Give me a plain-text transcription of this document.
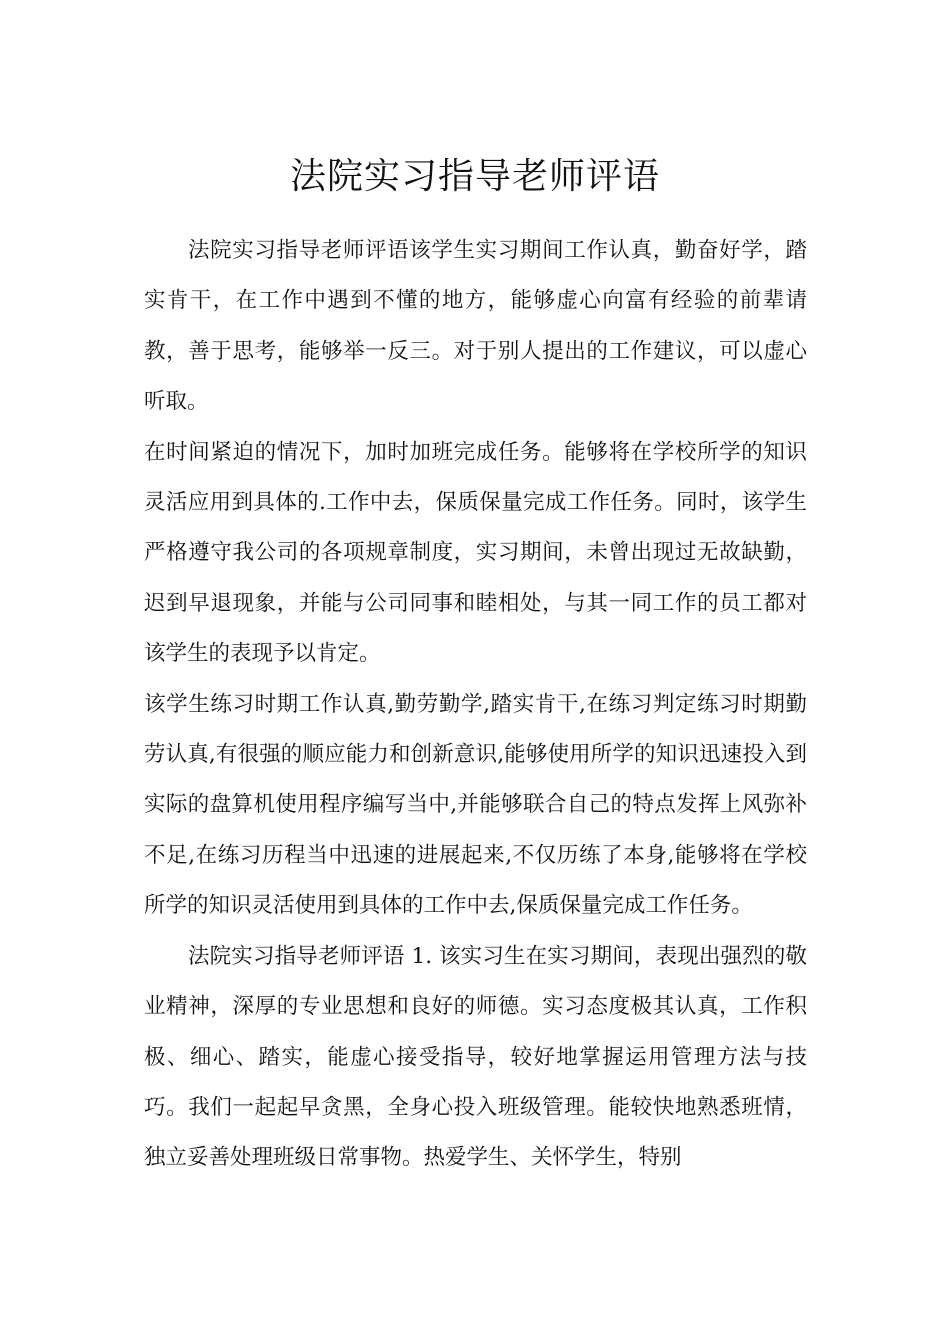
法院实习指导老师评语

法院实习指导老师评语该学生实习期间工作认真，勤奋好学，踏实肯干，在工作中遇到不懂的地方，能够虚心向富有经验的前辈请教，善于思考，能够举一反三。对于别人提出的工作建议，可以虚心听取。

在时间紧迫的情况下，加时加班完成任务。能够将在学校所学的知识灵活应用到具体的.工作中去，保质保量完成工作任务。同时，该学生严格遵守我公司的各项规章制度，实习期间，未曾出现过无故缺勤，迟到早退现象，并能与公司同事和睦相处，与其一同工作的员工都对该学生的表现予以肯定。

该学生练习时期工作认真,勤劳勤学,踏实肯干,在练习判定练习时期勤劳认真,有很强的顺应能力和创新意识,能够使用所学的知识迅速投入到实际的盘算机使用程序编写当中,并能够联合自己的特点发挥上风弥补不足,在练习历程当中迅速的进展起来,不仅历练了本身,能够将在学校所学的知识灵活使用到具体的工作中去,保质保量完成工作任务。

法院实习指导老师评语 1. 该实习生在实习期间，表现出强烈的敬业精神，深厚的专业思想和良好的师德。实习态度极其认真，工作积极、细心、踏实，能虚心接受指导，较好地掌握运用管理方法与技巧。我们一起起早贪黑，全身心投入班级管理。能较快地熟悉班情，独立妥善处理班级日常事物。热爱学生、关怀学生，特别
